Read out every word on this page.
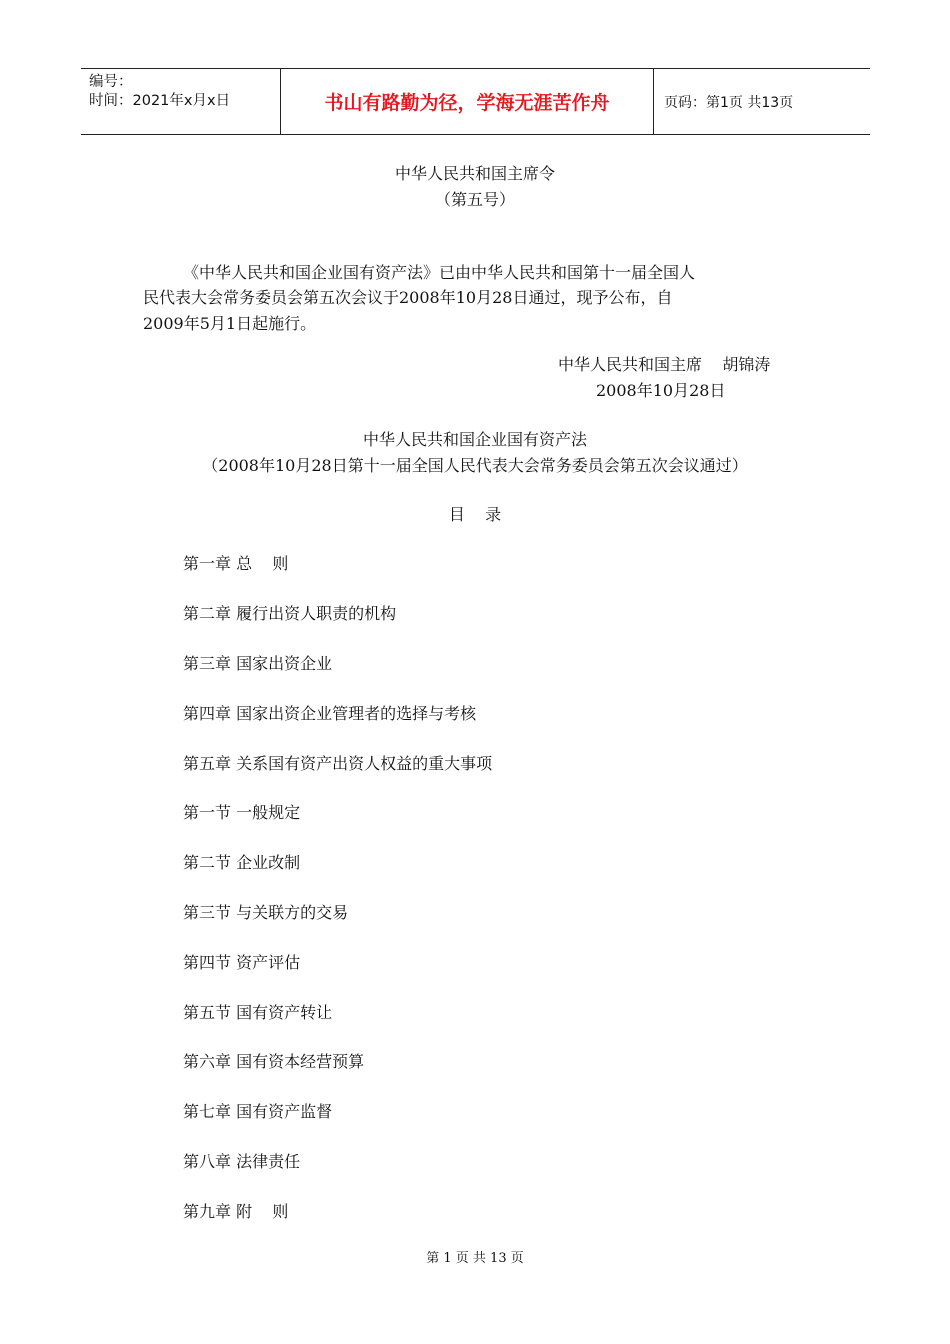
编号：
时间：2021年x月x日	书山有路勤为径，学海无涯苦作舟	页码：第1页 共13页
中华人民共和国主席令
（第五号）
《中华人民共和国企业国有资产法》已由中华人民共和国第十一届全国人
民代表大会常务委员会第五次会议于2008年10月28日通过，现予公布，自
2009年5月1日起施行。
中华人民共和国主席    胡锦涛
2008年10月28日
中华人民共和国企业国有资产法
（2008年10月28日第十一届全国人民代表大会常务委员会第五次会议通过）
目    录
第一章 总    则
第二章 履行出资人职责的机构
第三章 国家出资企业
第四章 国家出资企业管理者的选择与考核
第五章 关系国有资产出资人权益的重大事项
第一节 一般规定
第二节 企业改制
第三节 与关联方的交易
第四节 资产评估
第五节 国有资产转让
第六章 国有资本经营预算
第七章 国有资产监督
第八章 法律责任
第九章 附    则
第 1 页 共 13 页
